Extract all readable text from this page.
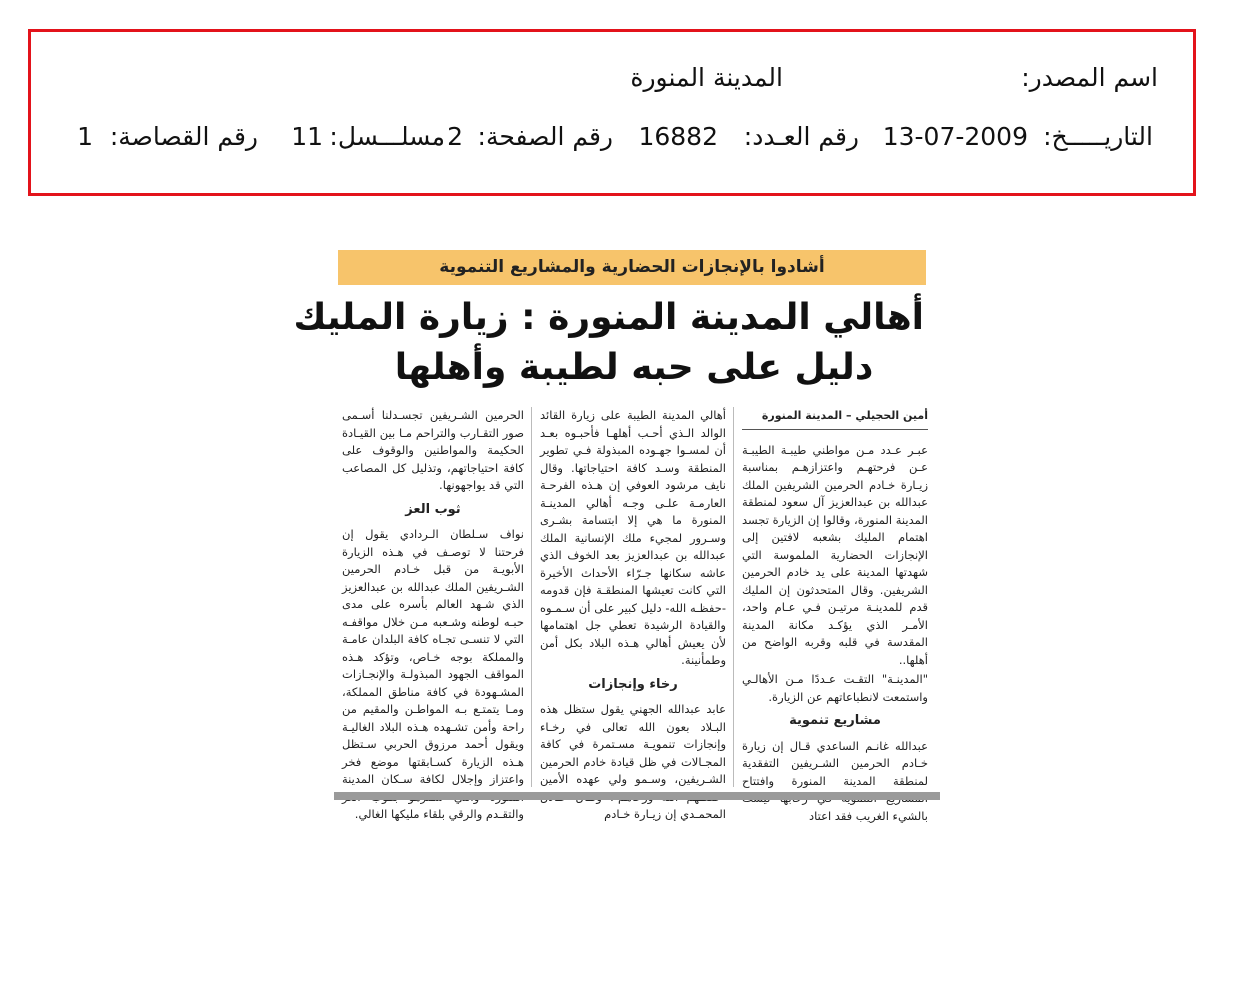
اسم المصدر:
المدينة المنورة
التاريـــــخ:
13-07-2009
رقم العـدد:
16882
رقم الصفحة:
2
مسلـــسل:
11
رقم القصاصة:
1
أشادوا بالإنجازات الحضارية والمشاريع التنموية
أهالي المدينة المنورة : زيارة المليك
دليل على حبه لطيبة وأهلها
أمين الحجيلي – المدينة المنورة

عبـر عـدد مـن مواطني طيبـة الطيبـة عـن فرحتهـم واعتزازهـم بمناسبة زيـارة خـادم الحرمين الشريفين الملك عبدالله بن عبدالعزيز آل سعود لمنطقة المدينة المنورة، وقالوا إن الزيارة تجسد اهتمام المليك بشعبه لافتين إلى الإنجازات الحضارية الملموسة التي شهدتها المدينة على يد خادم الحرمين الشريفين. وقال المتحدثون إن المليك قدم للمدينـة مرتيـن فـي عـام واحد، الأمـر الذي يؤكـد مكانة المدينة المقدسة في قلبه وقربه الواضح من أهلها..

"المدينـة" التقـت عـددًا مـن الأهالـي واستمعت لانطباعاتهم عن الزيارة.

مشاريع تنموية

عبدالله غانـم الساعدي قـال إن زيارة خـادم الحرمين الشـريفين التفقدية لمنطقة المدينة المنورة وافتتاح بالشيء الغريب فقد اعتاد

أهالي المدينة الطيبة على زيارة القائد الوالد الـذي أحـب أهلهـا فأحبـوه بعـد أن لمسـوا جهـوده المبذولة فـي تطوير المنطقة وسـد كافة احتياجاتها. وقال نايف مرشود العوفي إن هـذه الفرحـة العارمـة علـى وجـه أهالي المدينـة المنورة ما هي إلا ابتسامة بشـرى وسـرور لمجيء ملك الإنسانية الملك عبدالله بن عبدالعزيز بعد الخوف الذي عاشه سكانها جـرّاء الأحداث الأخيرة التي كانت تعيشها المنطقـة فإن قدومه -حفظـه الله- دليل كبير على أن سـمـوه والقيادة الرشيدة تعطي جل اهتمامها لأن يعيش أهالي هـذه البلاد بكل أمن وطمأنينة.

رخاء وإنجازات

عابد عبدالله الجهني يقول ستظل هذه البـلاد بعون الله تعالى في رخـاء وإنجازات تنمويـة مسـتمرة في كافة المجـالات في ظل قيادة خادم الحرمين الشـريفين، وسـمو ولي عهده الأمين المحمـدي إن زيـارة خـادم

الحرمين الشـريفين تجسـدلنا أسـمى صور التقـارب والتراحم مـا بين القيـادة الحكيمة والمواطنين والوقوف على كافة احتياجاتهم، وتذليل كل المصاعب التي قد يواجهونها.

ثوب العز

نواف سـلطان الـردادي يقول إن فرحتنا لا توصـف في هـذه الزيارة الأبويـة من قبل خـادم الحرمين الشـريفين الملك عبدالله بن عبدالعزيز الذي شـهد العالم بأسره على مدى حبـه لوطنه وشـعبه مـن خلال مواقفـه التي لا تنسـى تجـاه كافة البلدان عامـة والمملكة بوجه خـاص، وتؤكد هـذه المواقف الجهود المبذولـة والإنجـازات المشـهودة في كافة مناطق المملكة، ومـا يتمتـع بـه المواطـن والمقيم من راحة وأمن تشـهده هـذه البلاد الغاليـة ويقول أحمد مرزوق الحربي سـتظل هـذه الزيارة كسـابقتها موضع فخر واعتزاز وإجلال لكافة سـكان المدينة والتقـدم والرقي بلقاء مليكها الغالي.
